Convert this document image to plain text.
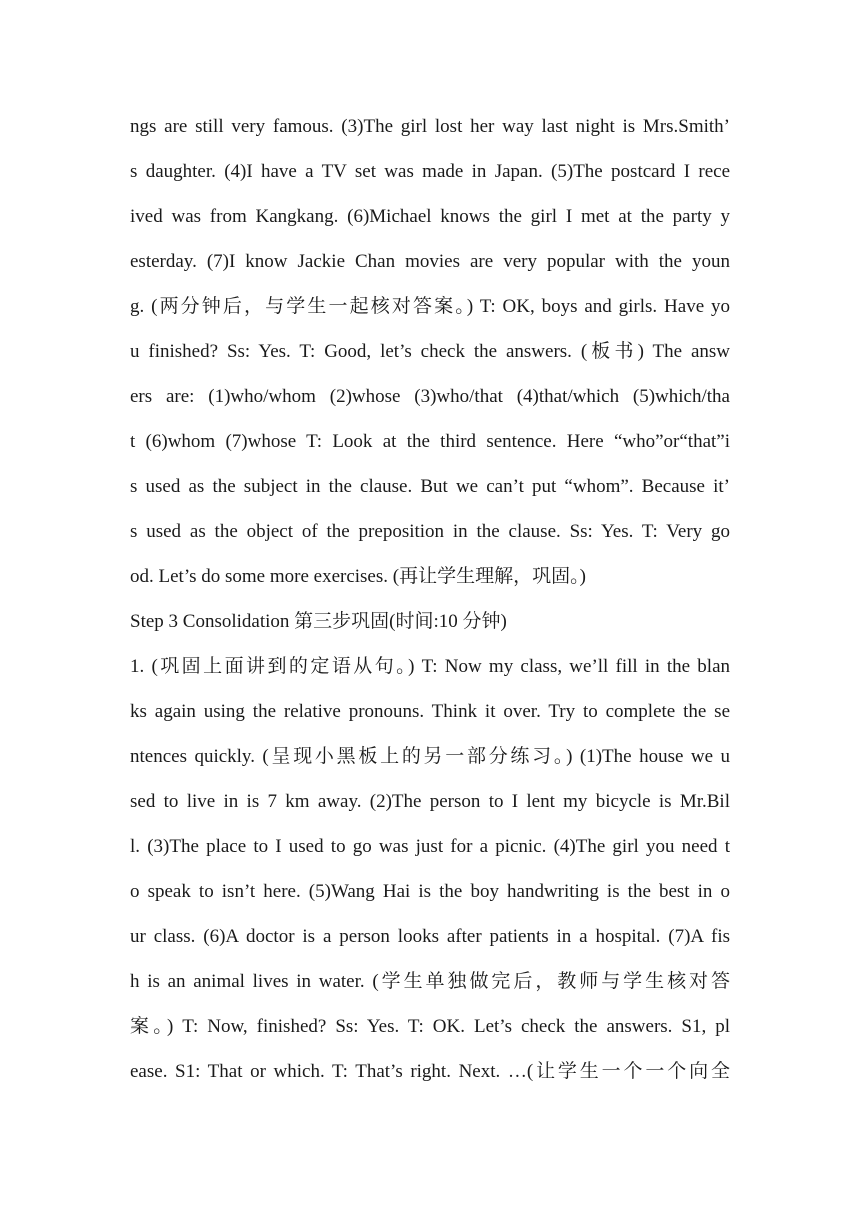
ngs are still very famous. (3)The girl lost her way last night is Mrs.Smith’
s daughter. (4)I have a TV set was made in Japan. (5)The postcard I rece
ived was from Kangkang. (6)Michael knows the girl I met at the party y
esterday. (7)I know Jackie Chan movies are very popular with the youn
g. (两分钟后，与学生一起核对答案。) T: OK, boys and girls. Have yo
u finished? Ss: Yes. T: Good, let’s check the answers. (板书) The answ
ers are: (1)who/whom (2)whose (3)who/that (4)that/which (5)which/tha
t (6)whom (7)whose T: Look at the third sentence. Here “who”or“that”i
s used as the subject in the clause. But we can’t put “whom”. Because it’
s used as the object of the preposition in the clause. Ss: Yes. T: Very go
od. Let’s do some more exercises. (再让学生理解，巩固。)
Step 3 Consolidation 第三步巩固(时间:10 分钟)
1. (巩固上面讲到的定语从句。) T: Now my class, we’ll fill in the blan
ks again using the relative pronouns. Think it over. Try to complete the se
ntences quickly. (呈现小黑板上的另一部分练习。) (1)The house we u
sed to live in is 7 km away. (2)The person to I lent my bicycle is Mr.Bil
l. (3)The place to I used to go was just for a picnic. (4)The girl you need t
o speak to isn’t here. (5)Wang Hai is the boy handwriting is the best in o
ur class. (6)A doctor is a person looks after patients in a hospital. (7)A fis
h is an animal lives in water. (学生单独做完后，教师与学生核对答
案。) T: Now, finished? Ss: Yes. T: OK. Let’s check the answers. S1, pl
ease. S1: That or which. T: That’s right. Next. …(让学生一个一个向全
